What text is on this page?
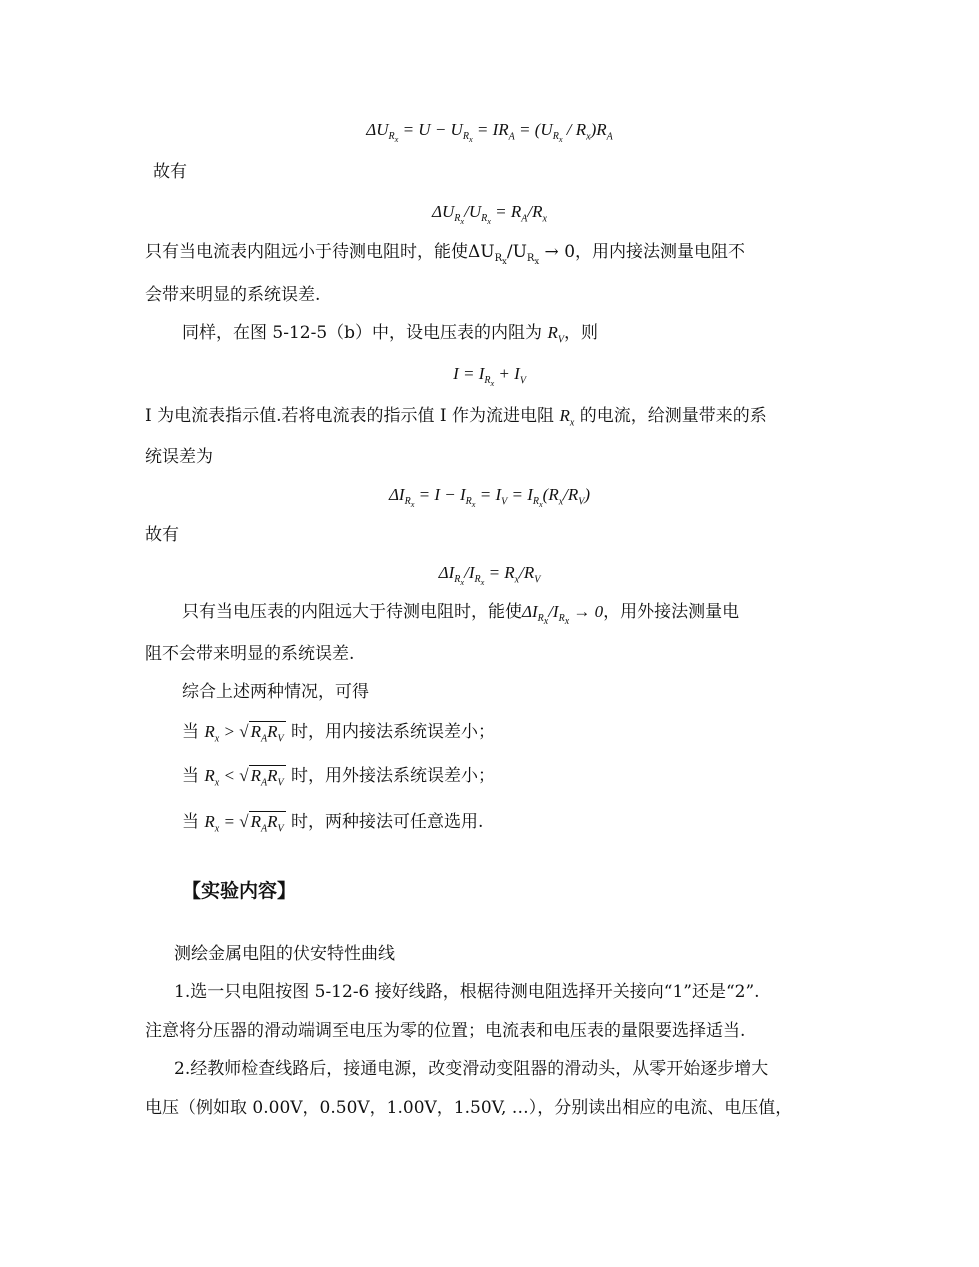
$\Delta U_{R_x} = U - U_{R_x} = IR_A = (U_{R_x} / R_x)R_A$
故有
$\Delta U_{R_x}/U_{R_x} = R_A/R_x$
只有当电流表内阻远小于待测电阻时，能使$\Delta U_{R_x}/U_{R_x} \to 0$，用内接法测量电阻不
会带来明显的系统误差.
同样，在图 5-12-5（b）中，设电压表的内阻为 $R_V$，则
$I = I_{R_x} + I_V$
I 为电流表指示值.若将电流表的指示值 I 作为流进电阻 $R_x$ 的电流，给测量带来的系
统误差为
$\Delta I_{R_x} = I - I_{R_x} = I_V = I_{R_x}(R_x/R_V)$
故有
$\Delta I_{R_x}/I_{R_x} = R_x/R_V$
只有当电压表的内阻远大于待测电阻时，能使$\Delta I_{R_x}/I_{R_x} \to 0$，用外接法测量电
阻不会带来明显的系统误差.
综合上述两种情况，可得
当 $R_x$ > √ $R_AR_V$ 时，用内接法系统误差小；
当 $R_x$ < √ $R_AR_V$ 时，用外接法系统误差小；
当 $R_x$ = √ $R_AR_V$ 时，两种接法可任意选用.
【实验内容】
测绘金属电阻的伏安特性曲线
1.选一只电阻按图 5-12-6 接好线路，根椐待测电阻选择开关接向“1”还是“2”.
注意将分压器的滑动端调至电压为零的位置；电流表和电压表的量限要选择适当.
2.经教师检查线路后，接通电源，改变滑动变阻器的滑动头，从零开始逐步增大
电压（例如取 0.00V，0.50V，1.00V，1.50V, …），分别读出相应的电流、电压值，
